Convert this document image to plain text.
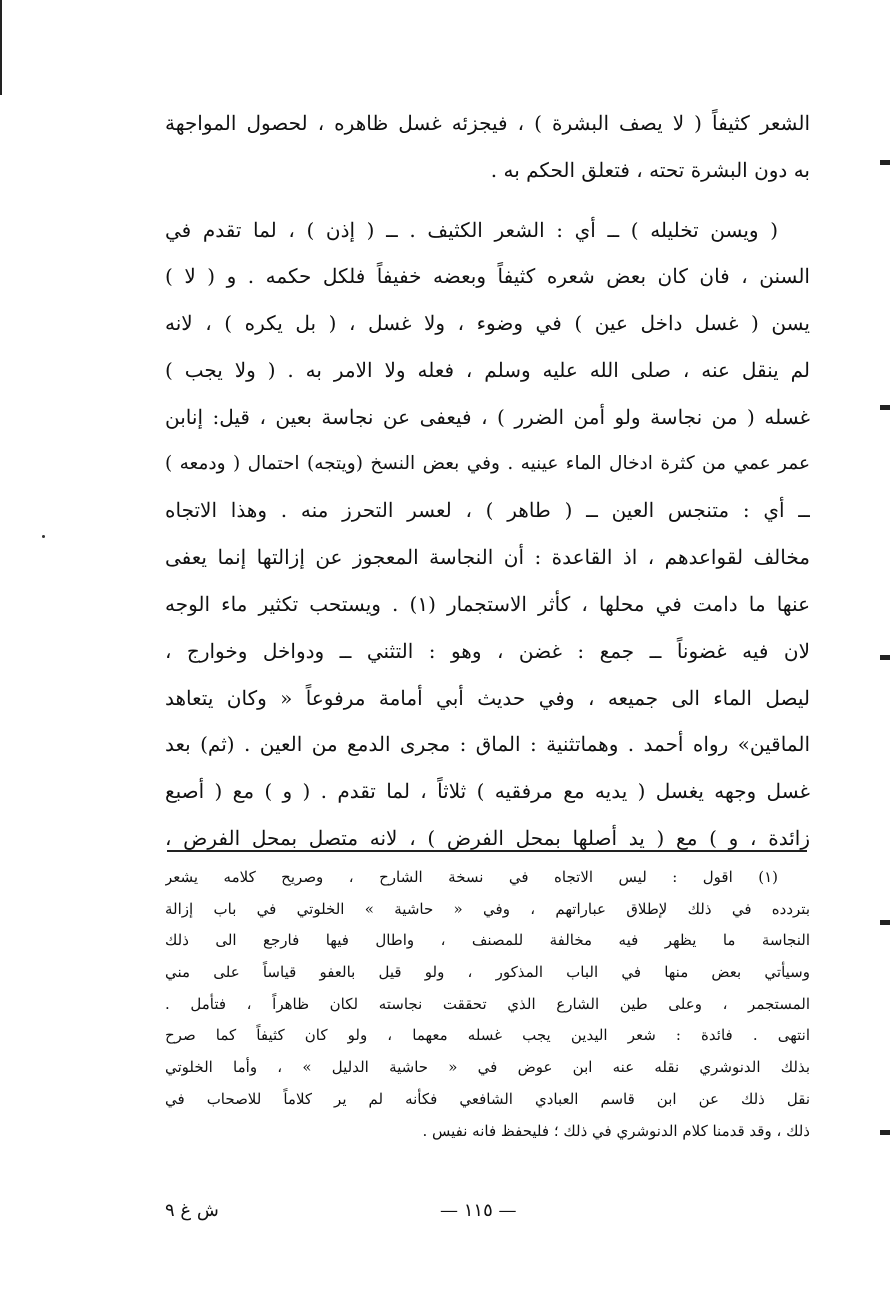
الشعر كثيفاً ( لا يصف البشرة ) ، فيجزئه غسل ظاهره ، لحصول المواجهة
به دون البشرة تحته ، فتعلق الحكم به .
( ويسن تخليله ) ــ أي : الشعر الكثيف . ــ ( إذن ) ، لما تقدم في
السنن ، فان كان بعض شعره كثيفاً وبعضه خفيفاً فلكل حكمه . و ( لا )
يسن ( غسل داخل عين ) في وضوء ، ولا غسل ، ( بل يكره ) ، لانه
لم ينقل عنه ، صلى الله عليه وسلم ، فعله ولا الامر به . ( ولا يجب )
غسله ( من نجاسة ولو أمن الضرر ) ، فيعفى عن نجاسة بعين ، قيل: إنابن
عمر عمي من كثرة ادخال الماء عينيه . وفي بعض النسخ (ويتجه) احتمال ( ودمعه )
ــ أي : متنجس العين ــ ( طاهر ) ، لعسر التحرز منه . وهذا الاتجاه
مخالف لقواعدهم ، اذ القاعدة : أن النجاسة المعجوز عن إزالتها إنما يعفى
عنها ما دامت في محلها ، كأثر الاستجمار (١) . ويستحب تكثير ماء الوجه
لان فيه غضوناً ــ جمع : غضن ، وهو : التثني ــ ودواخل وخوارج ،
ليصل الماء الى جميعه ، وفي حديث أبي أمامة مرفوعاً « وكان يتعاهد
الماقين» رواه أحمد . وهماتثنية : الماق : مجرى الدمع من العين . (ثم) بعد
غسل وجهه يغسل ( يديه مع مرفقيه ) ثلاثاً ، لما تقدم . ( و ) مع ( أصبع
زائدة ، و ) مع ( يد أصلها بمحل الفرض ) ، لانه متصل بمحل الفرض ،
(١) اقول : ليس الاتجاه في نسخة الشارح ، وصريح كلامه يشعر
بتردده في ذلك لإطلاق عباراتهم ، وفي « حاشية » الخلوتي في باب إزالة
النجاسة ما يظهر فيه مخالفة للمصنف ، واطال فيها فارجع الى ذلك
وسيأتي بعض منها في الباب المذكور ، ولو قيل بالعفو قياساً على مني
المستجمر ، وعلى طين الشارع الذي تحققت نجاسته لكان ظاهراً ، فتأمل .
انتهى . فائدة : شعر اليدين يجب غسله معهما ، ولو كان كثيفاً كما صرح
بذلك الدنوشري نقله عنه ابن عوض في « حاشية الدليل » ، وأما الخلوتي
نقل ذلك عن ابن قاسم العبادي الشافعي فكأنه لم ير كلاماً للاصحاب في
ذلك ، وقد قدمنا كلام الدنوشري في ذلك ؛ فليحفظ فانه نفيس .
— ١١٥ —
ش غ ٩
